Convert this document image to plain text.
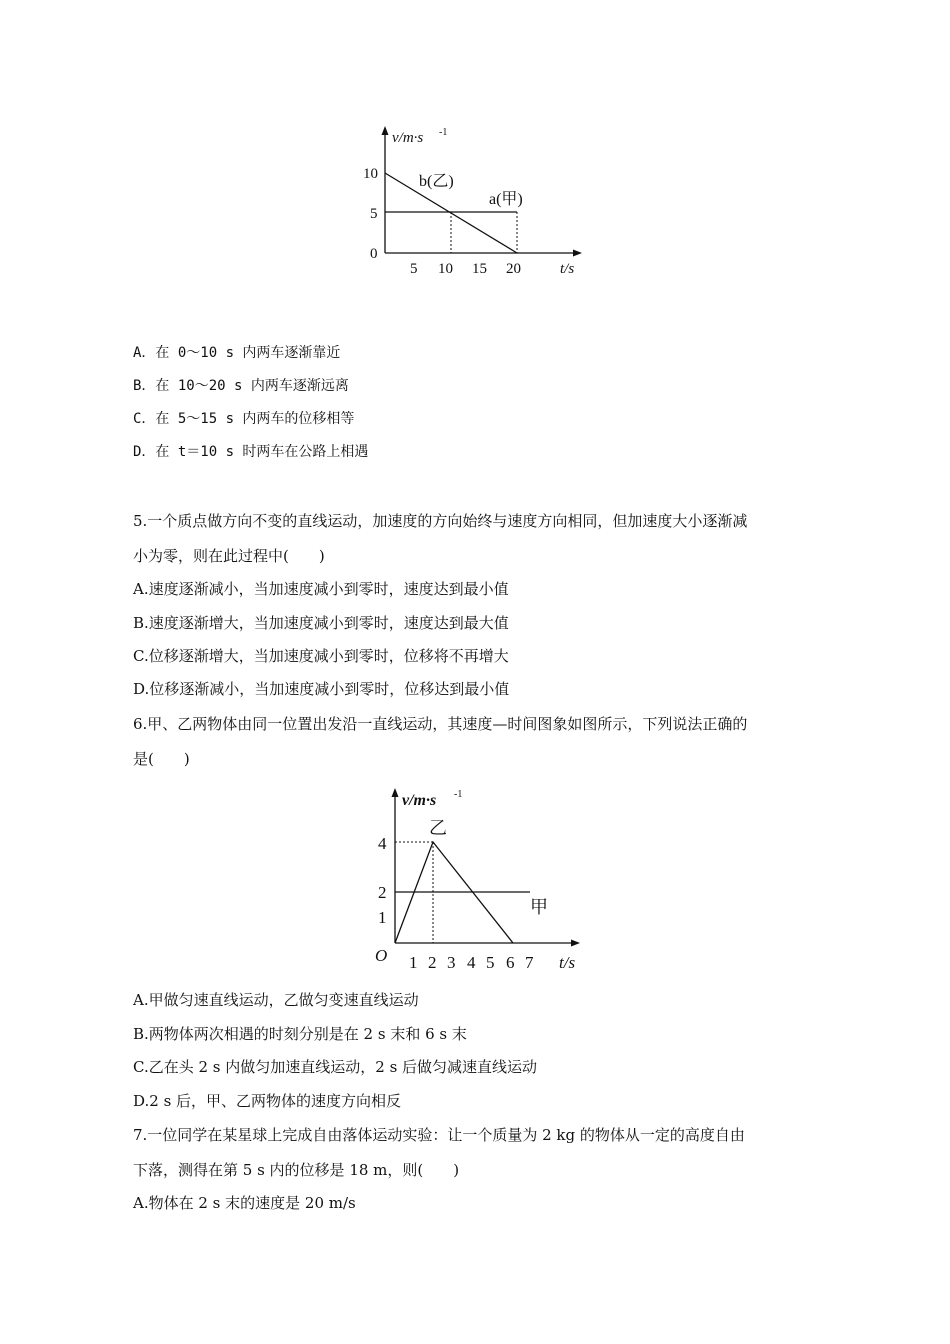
v/m·s -1
10
5
0
5 10 15 20	t/s
b(乙)
a(甲)
A．在 0～10 s 内两车逐渐靠近
B．在 10～20 s 内两车逐渐远离
C．在 5～15 s 内两车的位移相等
D．在 t＝10 s 时两车在公路上相遇
5.一个质点做方向不变的直线运动，加速度的方向始终与速度方向相同，但加速度大小逐渐减
小为零，则在此过程中(　　)
A.速度逐渐减小，当加速度减小到零时，速度达到最小值
B.速度逐渐增大，当加速度减小到零时，速度达到最大值
C.位移逐渐增大，当加速度减小到零时，位移将不再增大
D.位移逐渐减小，当加速度减小到零时，位移达到最小值
6.甲、乙两物体由同一位置出发沿一直线运动，其速度—时间图象如图所示，下列说法正确的
是(　　)
v/m·s -1
4
2
1
O 1 2 3 4 5 6 7 t/s
乙
甲
A.甲做匀速直线运动，乙做匀变速直线运动
B.两物体两次相遇的时刻分别是在 2 s 末和 6 s 末
C.乙在头 2 s 内做匀加速直线运动，2 s 后做匀减速直线运动
D.2 s 后，甲、乙两物体的速度方向相反
7.一位同学在某星球上完成自由落体运动实验：让一个质量为 2 kg 的物体从一定的高度自由
下落，测得在第 5 s 内的位移是 18 m，则(　　)
A.物体在 2 s 末的速度是 20 m/s
